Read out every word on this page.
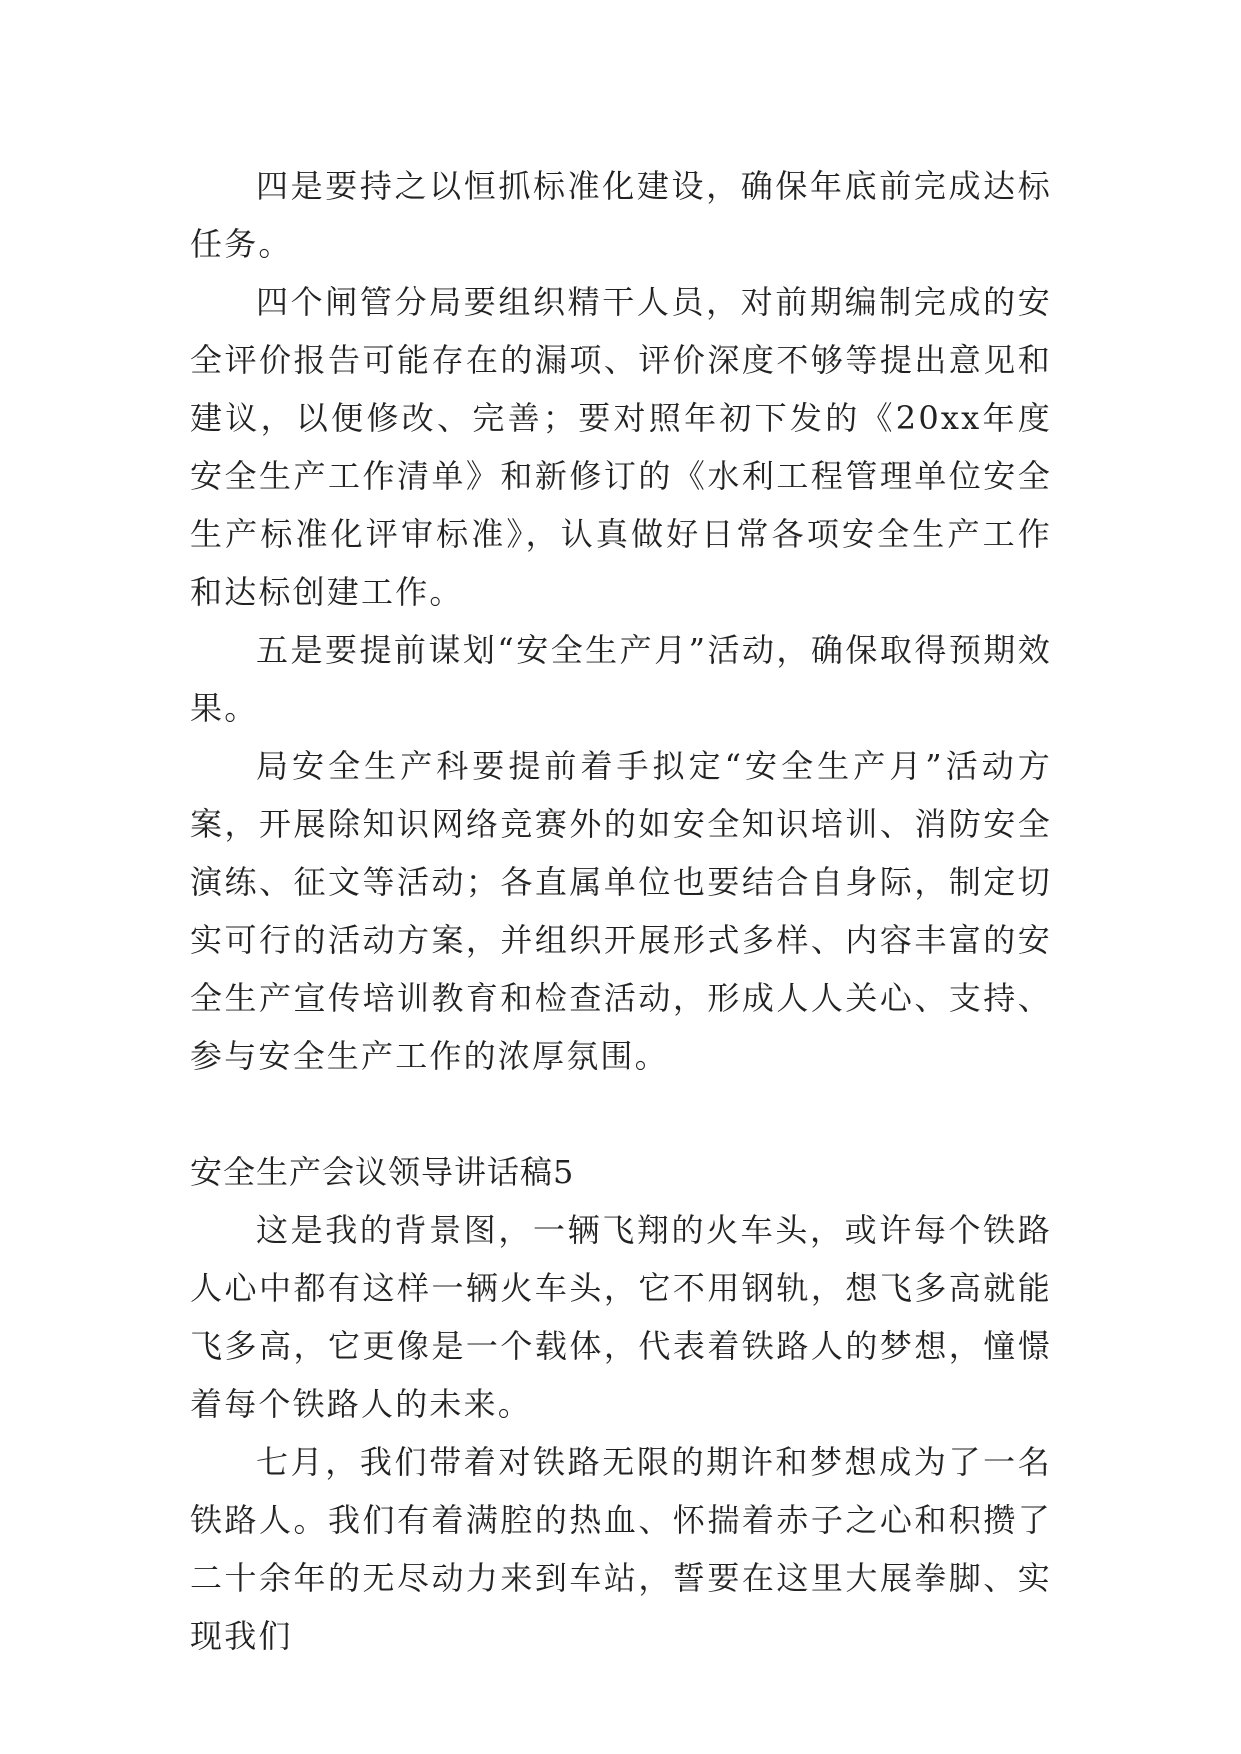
四是要持之以恒抓标准化建设，确保年底前完成达标任务。

四个闸管分局要组织精干人员，对前期编制完成的安全评价报告可能存在的漏项、评价深度不够等提出意见和建议，以便修改、完善；要对照年初下发的《20xx年度安全生产工作清单》和新修订的《水利工程管理单位安全生产标准化评审标准》，认真做好日常各项安全生产工作和达标创建工作。

五是要提前谋划“安全生产月”活动，确保取得预期效果。

局安全生产科要提前着手拟定“安全生产月”活动方案，开展除知识网络竞赛外的如安全知识培训、消防安全演练、征文等活动；各直属单位也要结合自身际，制定切实可行的活动方案，并组织开展形式多样、内容丰富的安全生产宣传培训教育和检查活动，形成人人关心、支持、参与安全生产工作的浓厚氛围。

安全生产会议领导讲话稿5

这是我的背景图，一辆飞翔的火车头，或许每个铁路人心中都有这样一辆火车头，它不用钢轨，想飞多高就能飞多高，它更像是一个载体，代表着铁路人的梦想，憧憬着每个铁路人的未来。

七月，我们带着对铁路无限的期许和梦想成为了一名铁路人。我们有着满腔的热血、怀揣着赤子之心和积攒了二十余年的无尽动力来到车站，誓要在这里大展拳脚、实现我们
